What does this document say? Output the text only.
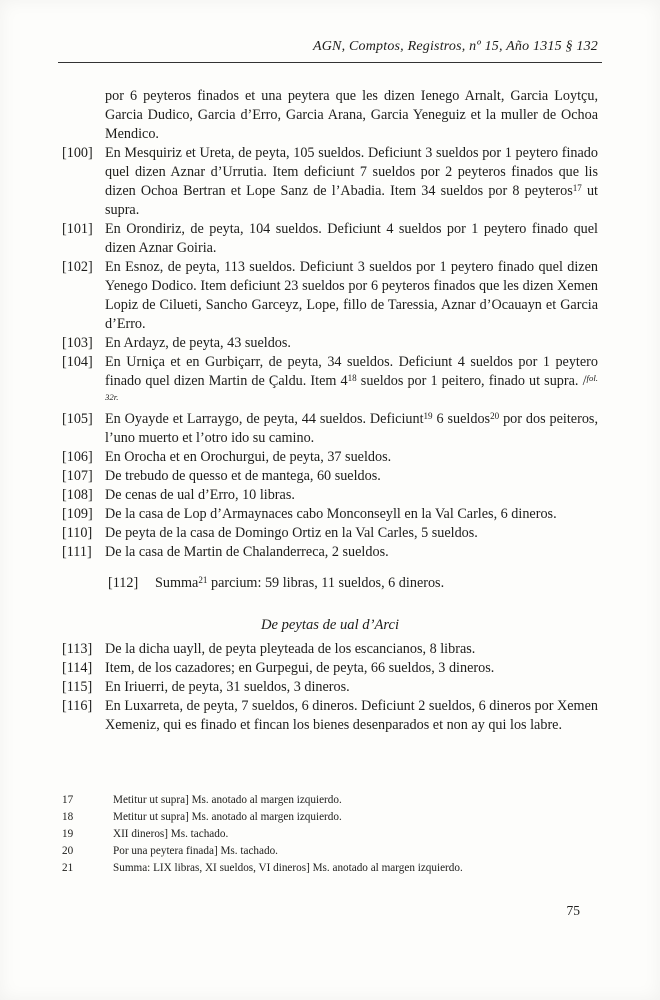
AGN, Comptos, Registros, nº 15, Año 1315 § 132

por 6 peyteros finados et una peytera que les dizen Ienego Arnalt, Garcia Loytçu, Garcia Dudico, Garcia d’Erro, Garcia Arana, Garcia Yeneguiz et la muller de Ochoa Mendico.

[100] En Mesquiriz et Ureta, de peyta, 105 sueldos. Deficiunt 3 sueldos por 1 peytero finado quel dizen Aznar d’Urrutia. Item deficiunt 7 sueldos por 2 peyteros finados que lis dizen Ochoa Bertran et Lope Sanz de l’Abadia. Item 34 sueldos por 8 peyteros$^{17}$ ut supra.

[101] En Orondiriz, de peyta, 104 sueldos. Deficiunt 4 sueldos por 1 peytero finado quel dizen Aznar Goiria.

[102] En Esnoz, de peyta, 113 sueldos. Deficiunt 3 sueldos por 1 peytero finado quel dizen Yenego Dodico. Item deficiunt 23 sueldos por 6 peyteros finados que les dizen Xemen Lopiz de Cilueti, Sancho Garceyz, Lope, fillo de Taressia, Aznar d’Ocauayn et Garcia d’Erro.

[103] En Ardayz, de peyta, 43 sueldos.

[104] En Urniça et en Gurbiçarr, de peyta, 34 sueldos. Deficiunt 4 sueldos por 1 peytero finado quel dizen Martin de Çaldu. Item $4^{18}$ sueldos por 1 peitero, finado ut supra. /$^{fol. 32r.}$

[105] En Oyayde et Larraygo, de peyta, 44 sueldos. Deficiunt$^{19}$ 6 sueldos$^{20}$ por dos peiteros, l’uno muerto et l’otro ido su camino.

[106] En Orocha et en Orochurgui, de peyta, 37 sueldos.

[107] De trebudo de quesso et de mantega, 60 sueldos.

[108] De cenas de ual d’Erro, 10 libras.

[109] De la casa de Lop d’Armaynaces cabo Monconseyll en la Val Carles, 6 dineros.

[110] De peyta de la casa de Domingo Ortiz en la Val Carles, 5 sueldos.

[111] De la casa de Martin de Chalanderreca, 2 sueldos.

[112] Summa$^{21}$ parcium: 59 libras, 11 sueldos, 6 dineros.

De peytas de ual d’Arci

[113] De la dicha uayll, de peyta pleyteada de los escancianos, 8 libras.

[114] Item, de los cazadores; en Gurpegui, de peyta, 66 sueldos, 3 dineros.

[115] En Iriuerri, de peyta, 31 sueldos, 3 dineros.

[116] En Luxarreta, de peyta, 7 sueldos, 6 dineros. Deficiunt 2 sueldos, 6 dineros por Xemen Xemeniz, qui es finado et fincan los bienes desenparados et non ay qui los labre.

17	Metitur ut supra] Ms. anotado al margen izquierdo.

18	Metitur ut supra] Ms. anotado al margen izquierdo.

19	XII dineros] Ms. tachado.

20	Por una peytera finada] Ms. tachado.

21	Summa: LIX libras, XI sueldos, VI dineros] Ms. anotado al margen izquierdo.

75
